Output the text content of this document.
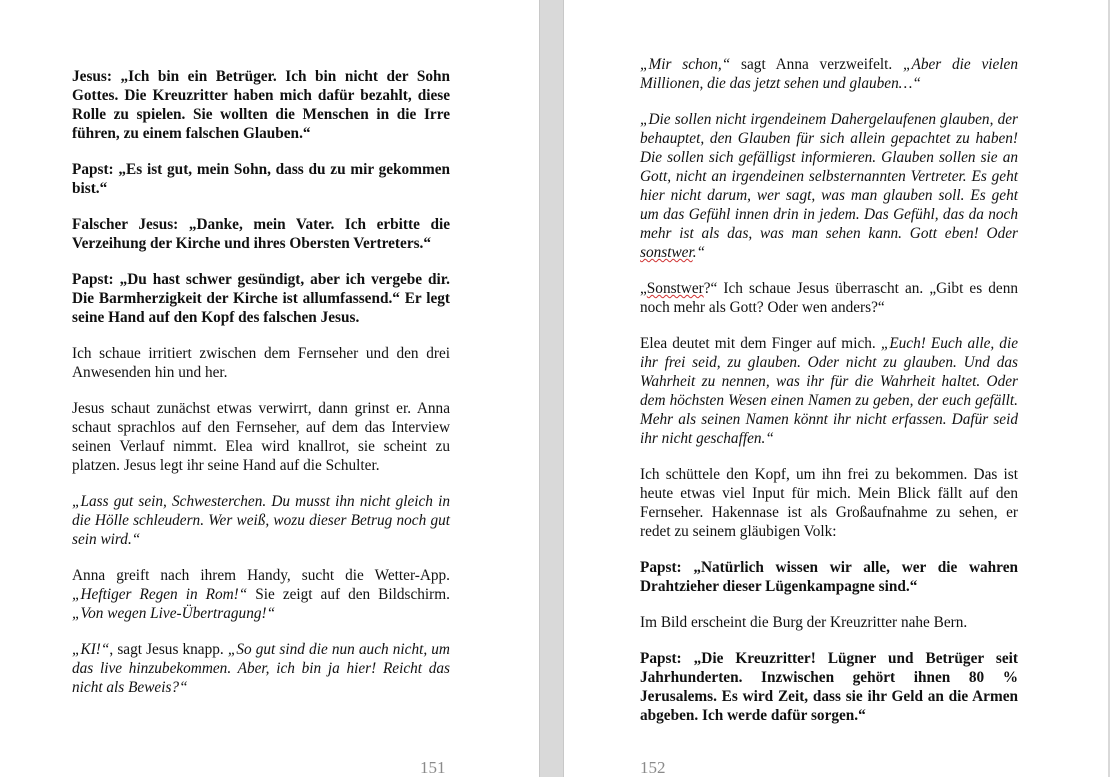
Jesus: „Ich bin ein Betrüger. Ich bin nicht der Sohn Gottes. Die Kreuzritter haben mich dafür bezahlt, diese Rolle zu spielen. Sie wollten die Menschen in die Irre führen, zu einem falschen Glauben.“

Papst: „Es ist gut, mein Sohn, dass du zu mir gekommen bist.“

Falscher Jesus: „Danke, mein Vater. Ich erbitte die Verzeihung der Kirche und ihres Obersten Vertreters.“

Papst: „Du hast schwer gesündigt, aber ich vergebe dir. Die Barmherzigkeit der Kirche ist allumfassend.“ Er legt seine Hand auf den Kopf des falschen Jesus.

Ich schaue irritiert zwischen dem Fernseher und den drei Anwesenden hin und her.

Jesus schaut zunächst etwas verwirrt, dann grinst er. Anna schaut sprachlos auf den Fernseher, auf dem das Interview seinen Verlauf nimmt. Elea wird knallrot, sie scheint zu platzen. Jesus legt ihr seine Hand auf die Schulter.

„Lass gut sein, Schwesterchen. Du musst ihn nicht gleich in die Hölle schleudern. Wer weiß, wozu dieser Betrug noch gut sein wird.“

Anna greift nach ihrem Handy, sucht die Wetter-App. „Heftiger Regen in Rom!“ Sie zeigt auf den Bildschirm. „Von wegen Live-Übertragung!“

„KI!“, sagt Jesus knapp. „So gut sind die nun auch nicht, um das live hinzubekommen. Aber, ich bin ja hier! Reicht das nicht als Beweis?“

151

„Mir schon,“ sagt Anna verzweifelt. „Aber die vielen Millionen, die das jetzt sehen und glauben…“

„Die sollen nicht irgendeinem Dahergelaufenen glauben, der behauptet, den Glauben für sich allein gepachtet zu haben! Die sollen sich gefälligst informieren. Glauben sollen sie an Gott, nicht an irgendeinen selbsternannten Vertreter. Es geht hier nicht darum, wer sagt, was man glauben soll. Es geht um das Gefühl innen drin in jedem. Das Gefühl, das da noch mehr ist als das, was man sehen kann. Gott eben! Oder sonstwer.“

„Sonstwer?“ Ich schaue Jesus überrascht an. „Gibt es denn noch mehr als Gott? Oder wen anders?“

Elea deutet mit dem Finger auf mich. „Euch! Euch alle, die ihr frei seid, zu glauben. Oder nicht zu glauben. Und das Wahrheit zu nennen, was ihr für die Wahrheit haltet. Oder dem höchsten Wesen einen Namen zu geben, der euch gefällt. Mehr als seinen Namen könnt ihr nicht erfassen. Dafür seid ihr nicht geschaffen.“

Ich schüttele den Kopf, um ihn frei zu bekommen. Das ist heute etwas viel Input für mich. Mein Blick fällt auf den Fernseher. Hakennase ist als Großaufnahme zu sehen, er redet zu seinem gläubigen Volk:

Papst: „Natürlich wissen wir alle, wer die wahren Drahtzieher dieser Lügenkampagne sind.“

Im Bild erscheint die Burg der Kreuzritter nahe Bern.

Papst: „Die Kreuzritter! Lügner und Betrüger seit Jahrhunderten. Inzwischen gehört ihnen 80 % Jerusalems. Es wird Zeit, dass sie ihr Geld an die Armen abgeben. Ich werde dafür sorgen.“

152
